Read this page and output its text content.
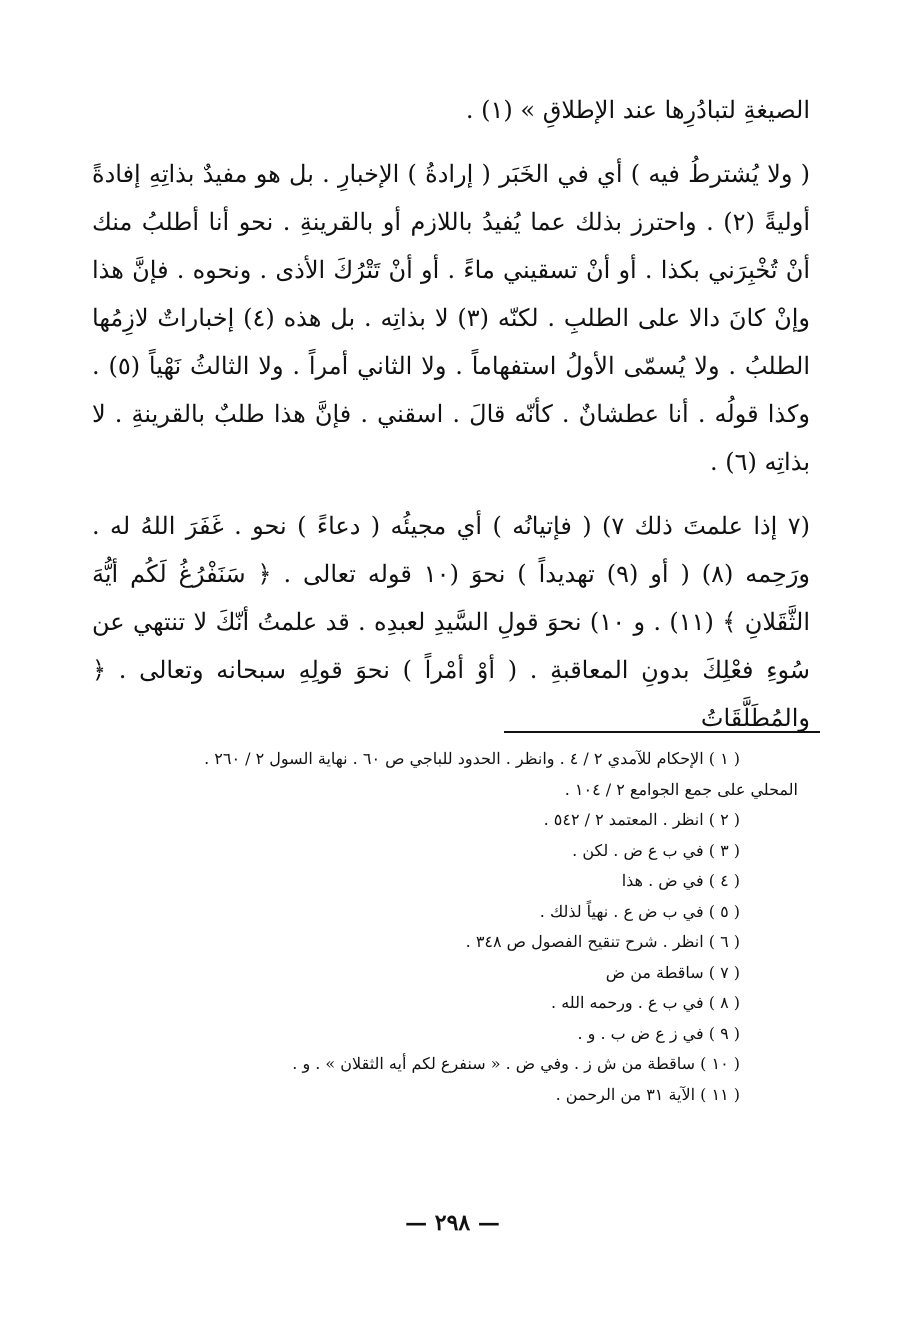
الصيغةِ لتبادُرِها عند الإطلاقِ » (١) .

( ولا يُشترطُ فيه ) أي في الخَبَر ( إرادةُ ) الإخبارِ . بل هو مفيدٌ بذاتِهِ إفادةً أوليةً (٢) . واحترز بذلك عما يُفيدُ باللازم أو بالقرينةِ . نحو أنا أطلبُ منك أنْ تُخْبِرَني بكذا . أو أنْ تسقيني ماءً . أو أنْ تَتْرُكَ الأذى . ونحوه . فإنَّ هذا وإنْ كانَ دالا على الطلبِ . لكنّه (٣) لا بذاتِه . بل هذه (٤) إخباراتٌ لازِمُها الطلبُ . ولا يُسمّى الأولُ استفهاماً . ولا الثاني أمراً . ولا الثالثُ نَهْياً (٥) . وكذا قولُه . أنا عطشانٌ . كأنّه قالَ . اسقني . فإنَّ هذا طلبٌ بالقرينةِ . لا بذاتِه (٦) .

(٧ إذا علمتَ ذلك ٧) ( فإتيانُه ) أي مجيئُه ( دعاءً ) نحو . غَفَرَ اللهُ له . ورَحِمه (٨) ( أو (٩) تهديداً ) نحوَ (١٠ قوله تعالى . ﴿ سَنَفْرُغُ لَكُم أيُّهَ الثَّقَلانِ ﴾ (١١) . و ١٠) نحوَ قولِ السَّيدِ لعبدِه . قد علمتُ أنّكَ لا تنتهي عن سُوءِ فعْلِكَ بدونِ المعاقبةِ . ( أوْ أمْراً ) نحوَ قولِهِ سبحانه وتعالى . ﴿ والمُطَلَّقَاتُ

( ١ ) الإحكام للآمدي ٢ / ٤ . وانظر . الحدود للباجي ص ٦٠ . نهاية السول ٢ / ٢٦٠ .

المحلي على جمع الجوامع ٢ / ١٠٤ .

( ٢ ) انظر . المعتمد ٢ / ٥٤٢ .

( ٣ ) في ب ع ض . لكن .

( ٤ ) في ض . هذا

( ٥ ) في ب ض ع . نهياً لذلك .

( ٦ ) انظر . شرح تنقيح الفصول ص ٣٤٨ .

( ٧ ) ساقطة من ض

( ٨ ) في ب ع . ورحمه الله .

( ٩ ) في ز ع ض ب . و .

( ١٠ ) ساقطة من ش ز . وفي ض . « سنفرع لكم أيه الثقلان » . و .

( ١١ ) الآية ٣١ من الرحمن .

— ٢٩٨ —
